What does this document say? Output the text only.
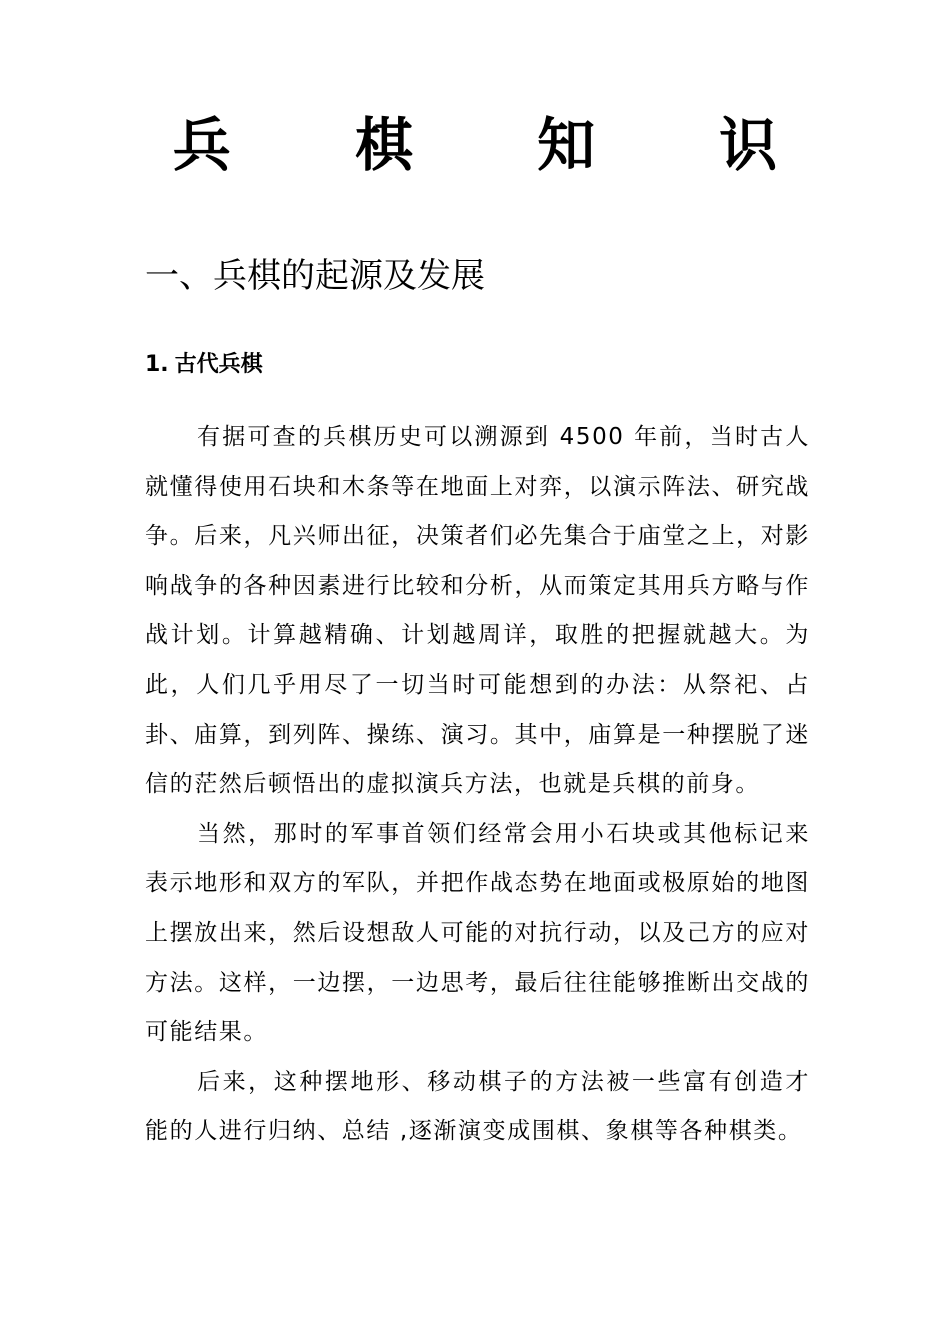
兵 棋 知 识
一、兵棋的起源及发展
1. 古代兵棋

有据可查的兵棋历史可以溯源到 4500 年前，当时古人就懂得使用石块和木条等在地面上对弈，以演示阵法、研究战争。后来，凡兴师出征，决策者们必先集合于庙堂之上，对影响战争的各种因素进行比较和分析，从而策定其用兵方略与作战计划。计算越精确、计划越周详，取胜的把握就越大。为此，人们几乎用尽了一切当时可能想到的办法：从祭祀、占卦、庙算，到列阵、操练、演习。其中，庙算是一种摆脱了迷信的茫然后顿悟出的虚拟演兵方法，也就是兵棋的前身。

当然，那时的军事首领们经常会用小石块或其他标记来表示地形和双方的军队，并把作战态势在地面或极原始的地图上摆放出来，然后设想敌人可能的对抗行动，以及己方的应对方法。这样，一边摆，一边思考，最后往往能够推断出交战的可能结果。

后来，这种摆地形、移动棋子的方法被一些富有创造才能的人进行归纳、总结 ,逐渐演变成围棋、象棋等各种棋类。
